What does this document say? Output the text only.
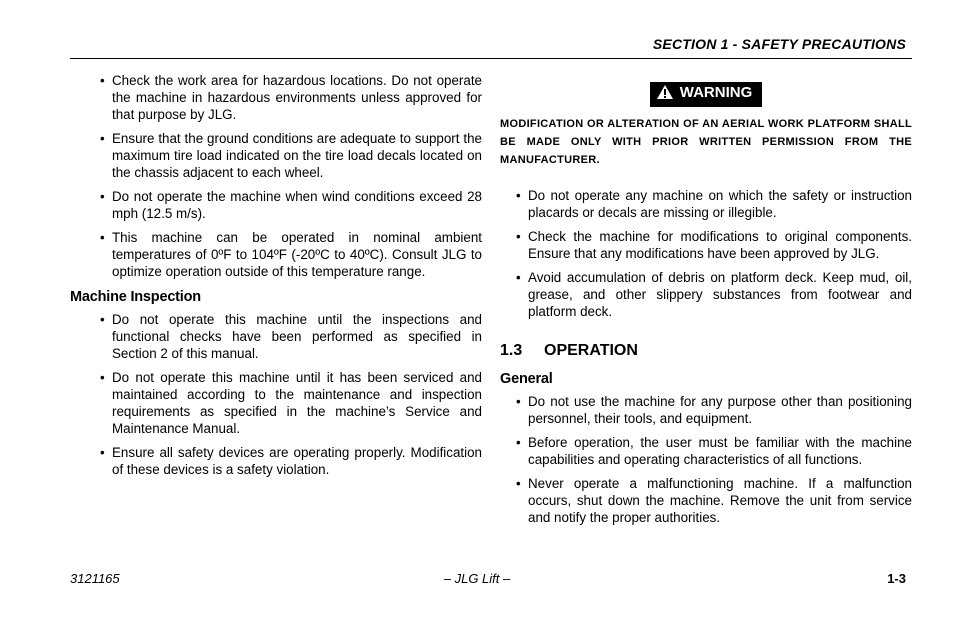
SECTION 1 - SAFETY PRECAUTIONS
• Check the work area for hazardous locations. Do not operate the machine in hazardous environments unless approved for that purpose by JLG.
• Ensure that the ground conditions are adequate to support the maximum tire load indicated on the tire load decals located on the chassis adjacent to each wheel.
• Do not operate the machine when wind conditions exceed 28 mph (12.5 m/s).
• This machine can be operated in nominal ambient temperatures of 0ºF to 104ºF (-20ºC to 40ºC). Consult JLG to optimize operation outside of this temperature range.
Machine Inspection
• Do not operate this machine until the inspections and functional checks have been performed as specified in Section 2 of this manual.
• Do not operate this machine until it has been serviced and maintained according to the maintenance and inspection requirements as specified in the machine’s Service and Maintenance Manual.
• Ensure all safety devices are operating properly. Modification of these devices is a safety violation.
WARNING
MODIFICATION OR ALTERATION OF AN AERIAL WORK PLATFORM SHALL BE MADE ONLY WITH PRIOR WRITTEN PERMISSION FROM THE MANUFACTURER.
• Do not operate any machine on which the safety or instruction placards or decals are missing or illegible.
• Check the machine for modifications to original components. Ensure that any modifications have been approved by JLG.
• Avoid accumulation of debris on platform deck. Keep mud, oil, grease, and other slippery substances from footwear and platform deck.
1.3 OPERATION
General
• Do not use the machine for any purpose other than positioning personnel, their tools, and equipment.
• Before operation, the user must be familiar with the machine capabilities and operating characteristics of all functions.
• Never operate a malfunctioning machine. If a malfunction occurs, shut down the machine. Remove the unit from service and notify the proper authorities.
3121165	– JLG Lift –	1-3
